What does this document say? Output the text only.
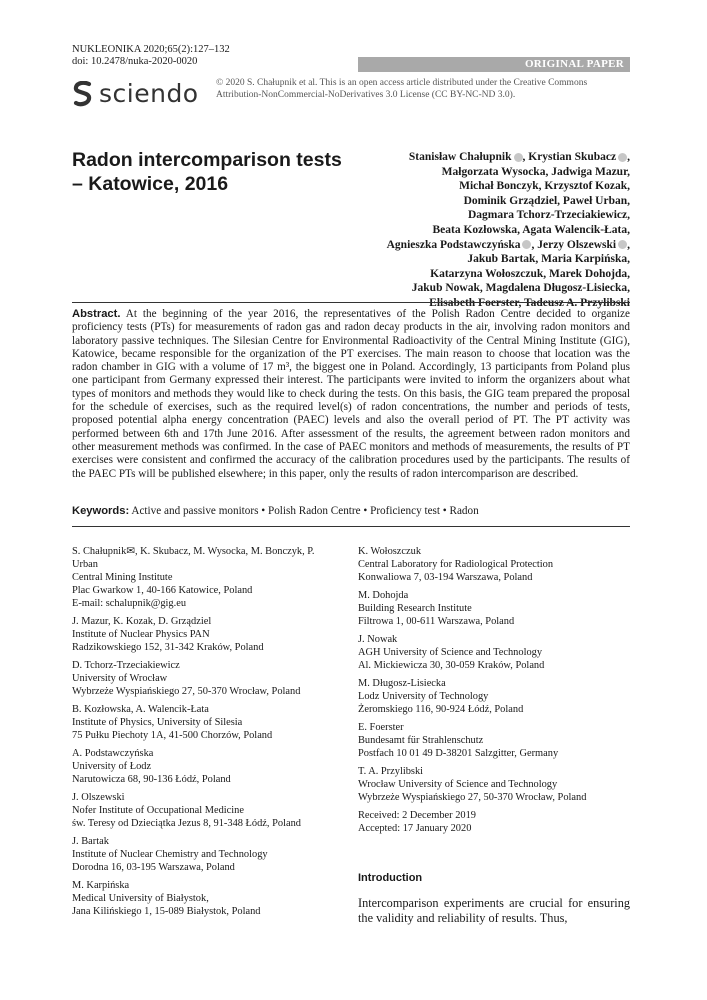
NUKLEONIKA 2020;65(2):127–132
doi: 10.2478/nuka-2020-0020	ORIGINAL PAPER
sciendo © 2020 S. Chałupnik et al. This is an open access article distributed under the Creative Commons Attribution-NonCommercial-NoDerivatives 3.0 License (CC BY-NC-ND 3.0).
Radon intercomparison tests
– Katowice, 2016
Stanisław Chałupnik , Krystian Skubacz ,
Małgorzata Wysocka, Jadwiga Mazur,
Michał Bonczyk, Krzysztof Kozak,
Dominik Grządziel, Paweł Urban,
Dagmara Tchorz-Trzeciakiewicz,
Beata Kozłowska, Agata Walencik-Łata,
Agnieszka Podstawczyńska , Jerzy Olszewski ,
Jakub Bartak, Maria Karpińska,
Katarzyna Wołoszczuk, Marek Dohojda,
Jakub Nowak, Magdalena Długosz-Lisiecka,
Elisabeth Foerster, Tadeusz A. Przylibski
Abstract. At the beginning of the year 2016, the representatives of the Polish Radon Centre decided to organize proficiency tests (PTs) for measurements of radon gas and radon decay products in the air, involving radon monitors and laboratory passive techniques. The Silesian Centre for Environmental Radioactivity of the Central Mining Institute (GIG), Katowice, became responsible for the organization of the PT exercises. The main reason to choose that location was the radon chamber in GIG with a volume of 17 m³, the biggest one in Poland. Accordingly, 13 participants from Poland plus one participant from Germany expressed their interest. The participants were invited to inform the organizers about what types of monitors and methods they would like to check during the tests. On this basis, the GIG team prepared the proposal for the schedule of exercises, such as the required level(s) of radon concentrations, the number and periods of tests, proposed potential alpha energy concentration (PAEC) levels and also the overall period of PT. The PT activity was performed between 6th and 17th June 2016. After assessment of the results, the agreement between radon monitors and other measurement methods was confirmed. In the case of PAEC monitors and methods of measurements, the results of PT exercises were consistent and confirmed the accuracy of the calibration procedures used by the participants. The results of the PAEC PTs will be published elsewhere; in this paper, only the results of radon intercomparison are described.
Keywords: Active and passive monitors • Polish Radon Centre • Proficiency test • Radon
S. Chałupnik✉, K. Skubacz, M. Wysocka, M. Bonczyk, P. Urban
Central Mining Institute
Plac Gwarkow 1, 40-166 Katowice, Poland
E-mail: schalupnik@gig.eu
J. Mazur, K. Kozak, D. Grządziel
Institute of Nuclear Physics PAN
Radzikowskiego 152, 31-342 Kraków, Poland
D. Tchorz-Trzeciakiewicz
University of Wrocław
Wybrzeże Wyspiańskiego 27, 50-370 Wrocław, Poland
B. Kozłowska, A. Walencik-Łata
Institute of Physics, University of Silesia
75 Pułku Piechoty 1A, 41-500 Chorzów, Poland
A. Podstawczyńska
University of Łodz
Narutowicza 68, 90-136 Łódź, Poland
J. Olszewski
Nofer Institute of Occupational Medicine
św. Teresy od Dzieciątka Jezus 8, 91-348 Łódź, Poland
J. Bartak
Institute of Nuclear Chemistry and Technology
Dorodna 16, 03-195 Warszawa, Poland
M. Karpińska
Medical University of Białystok,
Jana Kilińskiego 1, 15-089 Białystok, Poland
K. Wołoszczuk
Central Laboratory for Radiological Protection
Konwaliowa 7, 03-194 Warszawa, Poland
M. Dohojda
Building Research Institute
Filtrowa 1, 00-611 Warszawa, Poland
J. Nowak
AGH University of Science and Technology
Al. Mickiewicza 30, 30-059 Kraków, Poland
M. Długosz-Lisiecka
Lodz University of Technology
Żeromskiego 116, 90-924 Łódź, Poland
E. Foerster
Bundesamt für Strahlenschutz
Postfach 10 01 49 D-38201 Salzgitter, Germany
T. A. Przylibski
Wrocław University of Science and Technology
Wybrzeże Wyspiańskiego 27, 50-370 Wrocław, Poland
Received: 2 December 2019
Accepted: 17 January 2020
Introduction
Intercomparison experiments are crucial for ensuring the validity and reliability of results. Thus,
